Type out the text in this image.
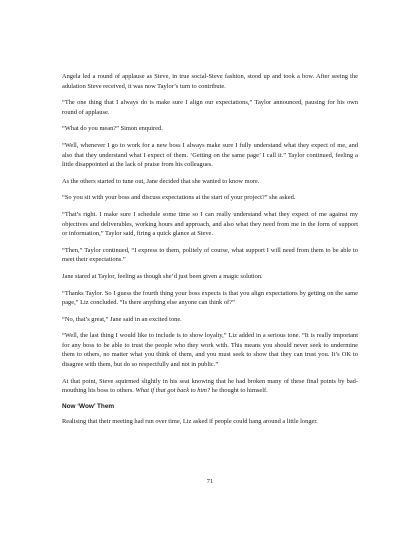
Angela led a round of applause as Steve, in true social-Steve fashion, stood up and took a bow. After seeing the adulation Steve received, it was now Taylor’s turn to contribute.

“The one thing that I always do is make sure I align our expectations,” Taylor announced, pausing for his own round of applause.

“What do you mean?” Simon enquired.

“Well, whenever I go to work for a new boss I always make sure I fully understand what they expect of me, and also that they understand what I expect of them. ‘Getting on the same page’ I call it.” Taylor continued, feeling a little disappointed at the lack of praise from his colleagues.

As the others started to tune out, Jane decided that she wanted to know more.

“So you sit with your boss and discuss expectations at the start of your project?” she asked.

“That’s right. I make sure I schedule some time so I can really understand what they expect of me against my objectives and deliverables, working hours and approach, and also what they need from me in the form of support or information,” Taylor said, firing a quick glance at Steve.

“Then,” Taylor continued, “I express to them, politely of course, what support I will need from them to be able to meet their expectations.”

Jane stared at Taylor, feeling as though she’d just been given a magic solution.

“Thanks Taylor. So I guess the fourth thing your boss expects is that you align expectations by getting on the same page,” Liz concluded. “Is there anything else anyone can think of?”

“No, that’s great,” Jane said in an excited tone.

“Well, the last thing I would like to include is to show loyalty,” Liz added in a serious tone. “It is really important for any boss to be able to trust the people who they work with. This means you should never seek to undermine them to others, no matter what you think of them, and you must seek to show that they can trust you. It’s OK to disagree with them, but do so respectfully and not in public.”

At that point, Steve squirmed slightly in his seat knowing that he had broken many of these final points by bad-mouthing his boss to others. What if that got back to him? he thought to himself.

Now ‘Wow’ Them

Realising that their meeting had run over time, Liz asked if people could hang around a little longer.

71
